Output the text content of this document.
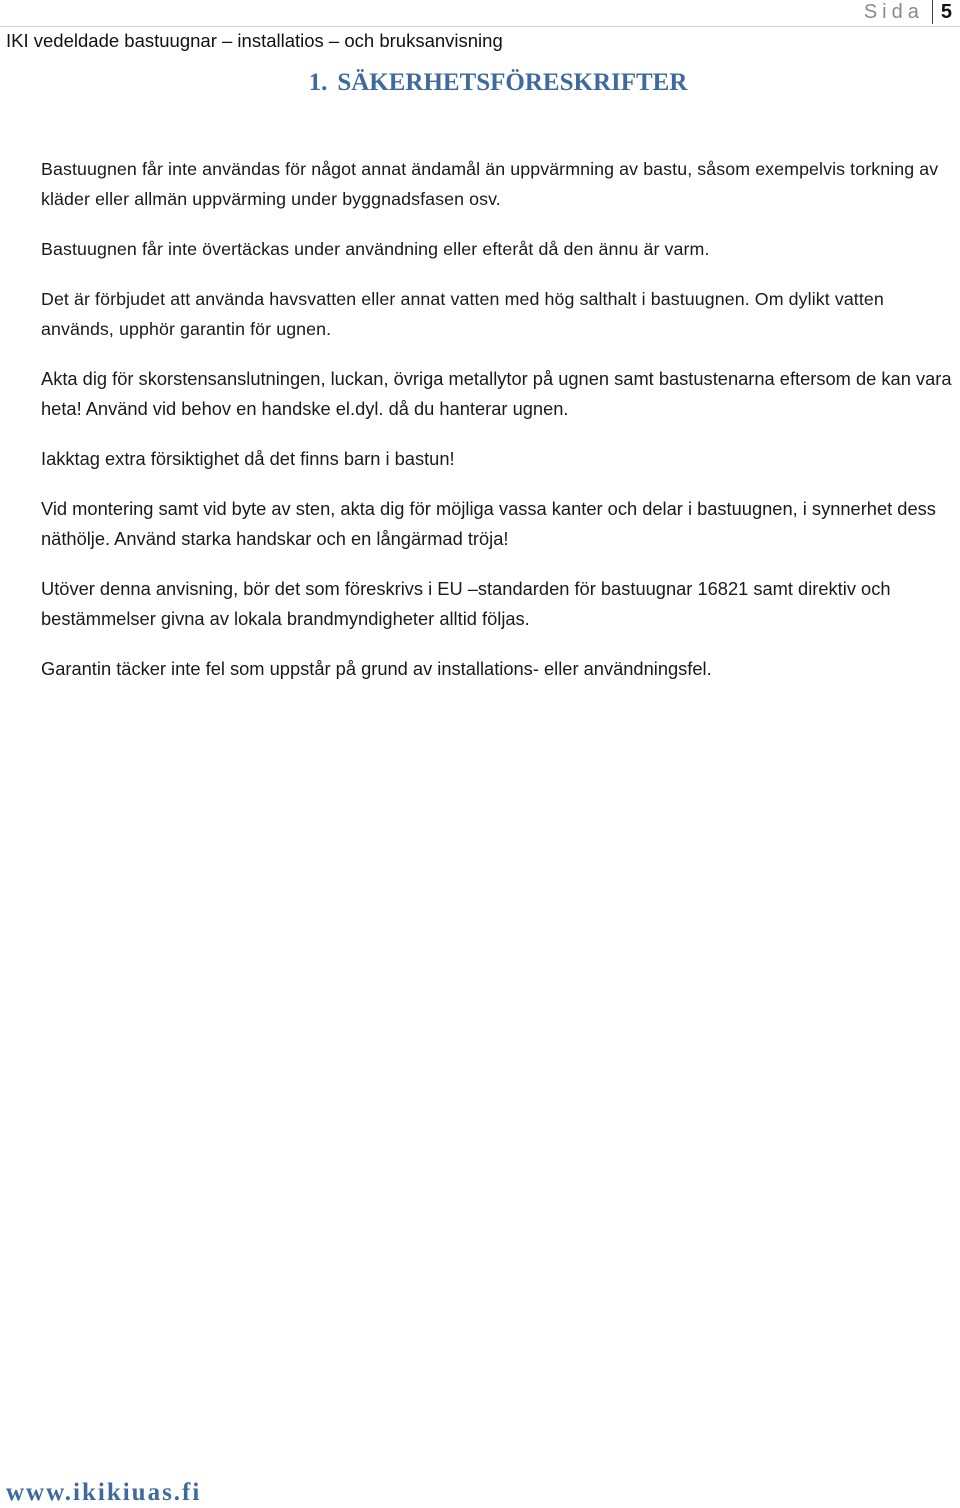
Sida 5
IKI vedeldade bastuugnar – installatios – och bruksanvisning
1. SÄKERHETSFÖRESKRIFTER

Bastuugnen får inte användas för något annat ändamål än uppvärmning av bastu, såsom exempelvis torkning av kläder eller allmän uppvärming under byggnadsfasen osv.

Bastuugnen får inte övertäckas under användning eller efteråt då den ännu är varm.

Det är förbjudet att använda havsvatten eller annat vatten med hög salthalt i bastuugnen. Om dylikt vatten används, upphör garantin för ugnen.

Akta dig för skorstensanslutningen, luckan, övriga metallytor på ugnen samt bastustenarna eftersom de kan vara heta! Använd vid behov en handske el.dyl. då du hanterar ugnen.

Iakktag extra försiktighet då det finns barn i bastun!

Vid montering samt vid byte av sten, akta dig för möjliga vassa kanter och delar i bastuugnen, i synnerhet dess näthölje. Använd starka handskar och en långärmad tröja!

Utöver denna anvisning, bör det som föreskrivs i EU –standarden för bastuugnar 16821 samt direktiv och bestämmelser givna av lokala brandmyndigheter alltid följas.

Garantin täcker inte fel som uppstår på grund av installations- eller användningsfel.

www.ikikiuas.fi
